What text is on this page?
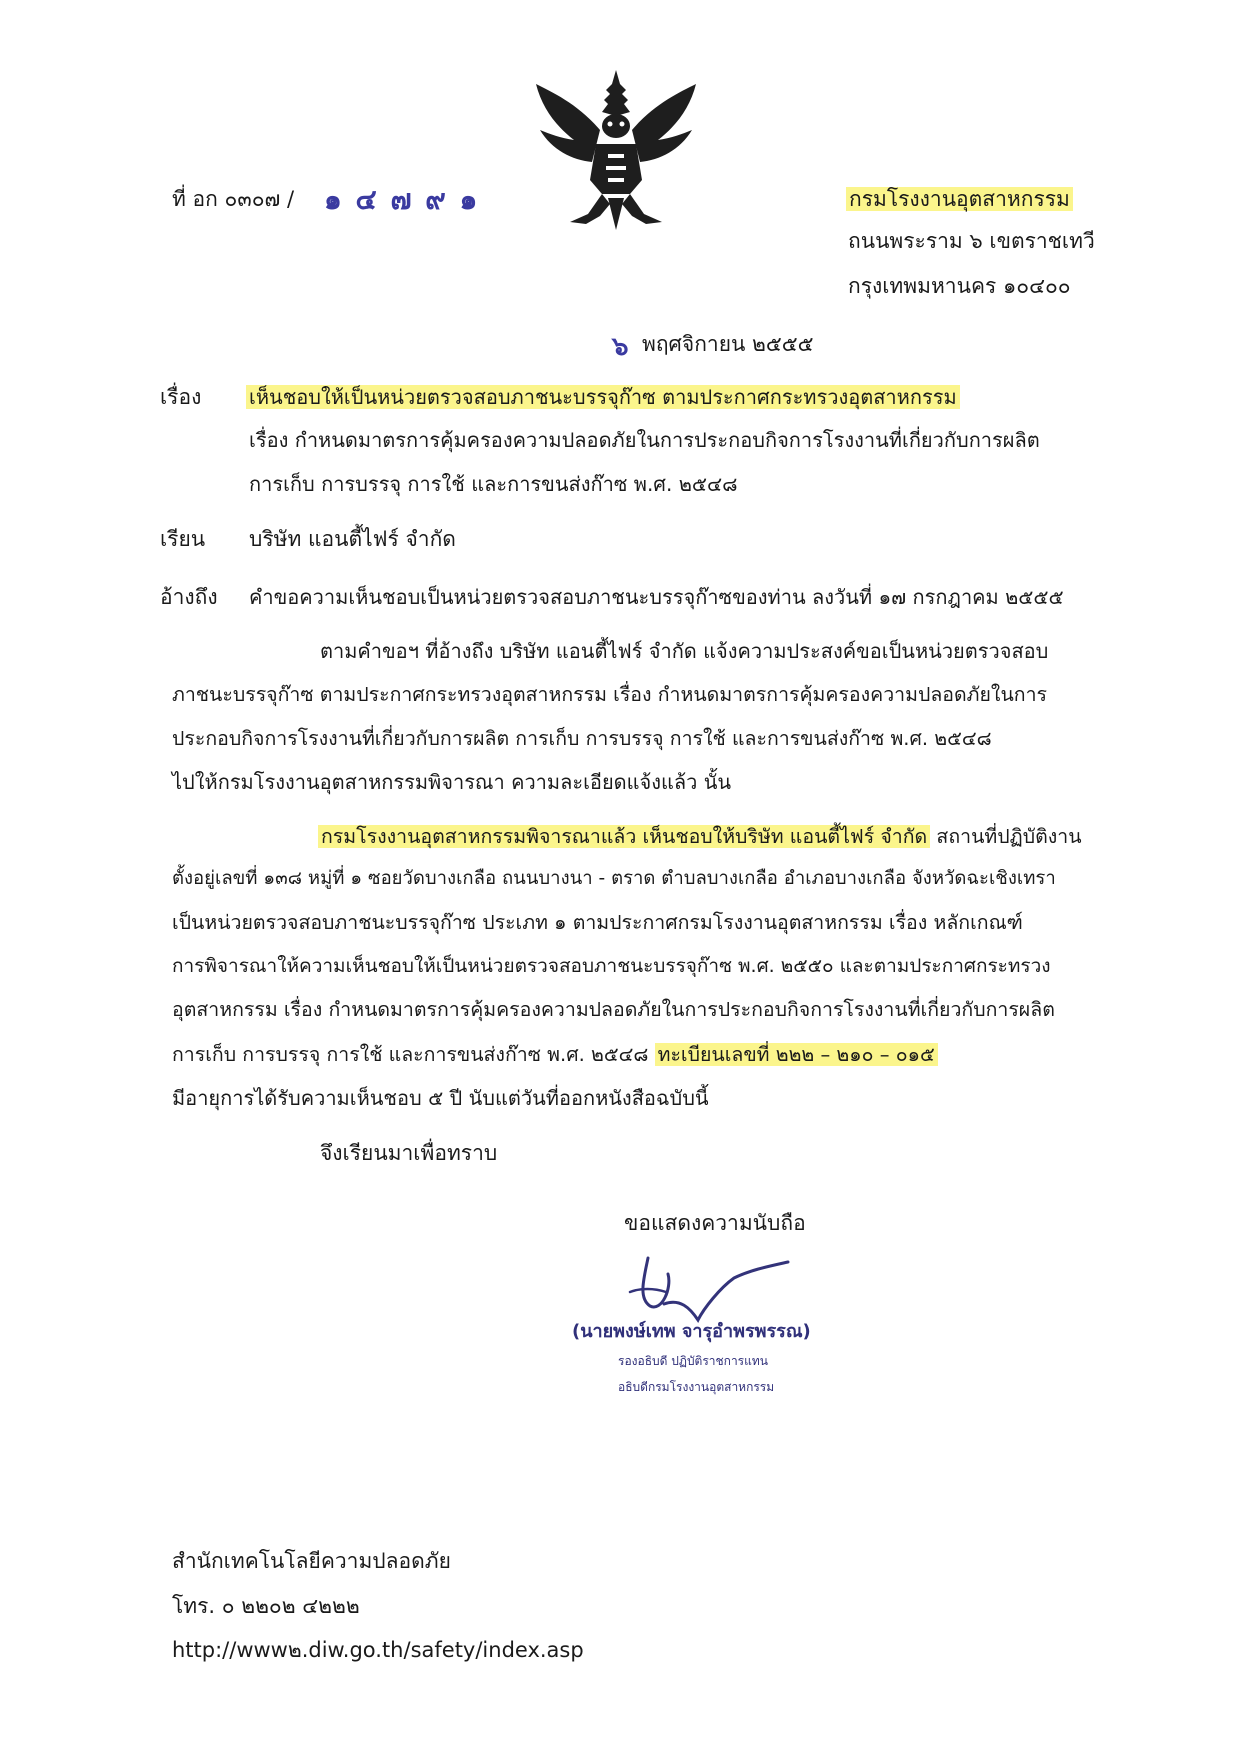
ที่ อก ๐๓๐๗ / ๑ ๔ ๗ ๙ ๑	กรมโรงงานอุตสาหกรรม
ถนนพระราม ๖ เขตราชเทวี
กรุงเทพมหานคร ๑๐๔๐๐
๖ พฤศจิกายน ๒๕๕๕
เรื่อง เห็นชอบให้เป็นหน่วยตรวจสอบภาชนะบรรจุก๊าซ ตามประกาศกระทรวงอุตสาหกรรม
เรื่อง กำหนดมาตรการคุ้มครองความปลอดภัยในการประกอบกิจการโรงงานที่เกี่ยวกับการผลิต
การเก็บ การบรรจุ การใช้ และการขนส่งก๊าซ พ.ศ. ๒๕๔๘
เรียน บริษัท แอนตี้ไฟร์ จำกัด
อ้างถึง คำขอความเห็นชอบเป็นหน่วยตรวจสอบภาชนะบรรจุก๊าซของท่าน ลงวันที่ ๑๗ กรกฎาคม ๒๕๕๕
ตามคำขอฯ ที่อ้างถึง บริษัท แอนตี้ไฟร์ จำกัด แจ้งความประสงค์ขอเป็นหน่วยตรวจสอบ
ภาชนะบรรจุก๊าซ ตามประกาศกระทรวงอุตสาหกรรม เรื่อง กำหนดมาตรการคุ้มครองความปลอดภัยในการ
ประกอบกิจการโรงงานที่เกี่ยวกับการผลิต การเก็บ การบรรจุ การใช้ และการขนส่งก๊าซ พ.ศ. ๒๕๔๘
ไปให้กรมโรงงานอุตสาหกรรมพิจารณา ความละเอียดแจ้งแล้ว นั้น
กรมโรงงานอุตสาหกรรมพิจารณาแล้ว เห็นชอบให้บริษัท แอนตี้ไฟร์ จำกัด สถานที่ปฏิบัติงาน
ตั้งอยู่เลขที่ ๑๓๘ หมู่ที่ ๑ ซอยวัดบางเกลือ ถนนบางนา - ตราด ตำบลบางเกลือ อำเภอบางเกลือ จังหวัดฉะเชิงเทรา
เป็นหน่วยตรวจสอบภาชนะบรรจุก๊าซ ประเภท ๑ ตามประกาศกรมโรงงานอุตสาหกรรม เรื่อง หลักเกณฑ์
การพิจารณาให้ความเห็นชอบให้เป็นหน่วยตรวจสอบภาชนะบรรจุก๊าซ พ.ศ. ๒๕๕๐ และตามประกาศกระทรวง
อุตสาหกรรม เรื่อง กำหนดมาตรการคุ้มครองความปลอดภัยในการประกอบกิจการโรงงานที่เกี่ยวกับการผลิต
การเก็บ การบรรจุ การใช้ และการขนส่งก๊าซ พ.ศ. ๒๕๔๘ ทะเบียนเลขที่ ๒๒๒ – ๒๑๐ – ๐๑๕
มีอายุการได้รับความเห็นชอบ ๕ ปี นับแต่วันที่ออกหนังสือฉบับนี้
จึงเรียนมาเพื่อทราบ
ขอแสดงความนับถือ
(นายพงษ์เทพ จารุอำพรพรรณ)
รองอธิบดี ปฏิบัติราชการแทน
อธิบดีกรมโรงงานอุตสาหกรรม
สำนักเทคโนโลยีความปลอดภัย
โทร. ๐ ๒๒๐๒ ๔๒๒๒
http://www๒.diw.go.th/safety/index.asp
